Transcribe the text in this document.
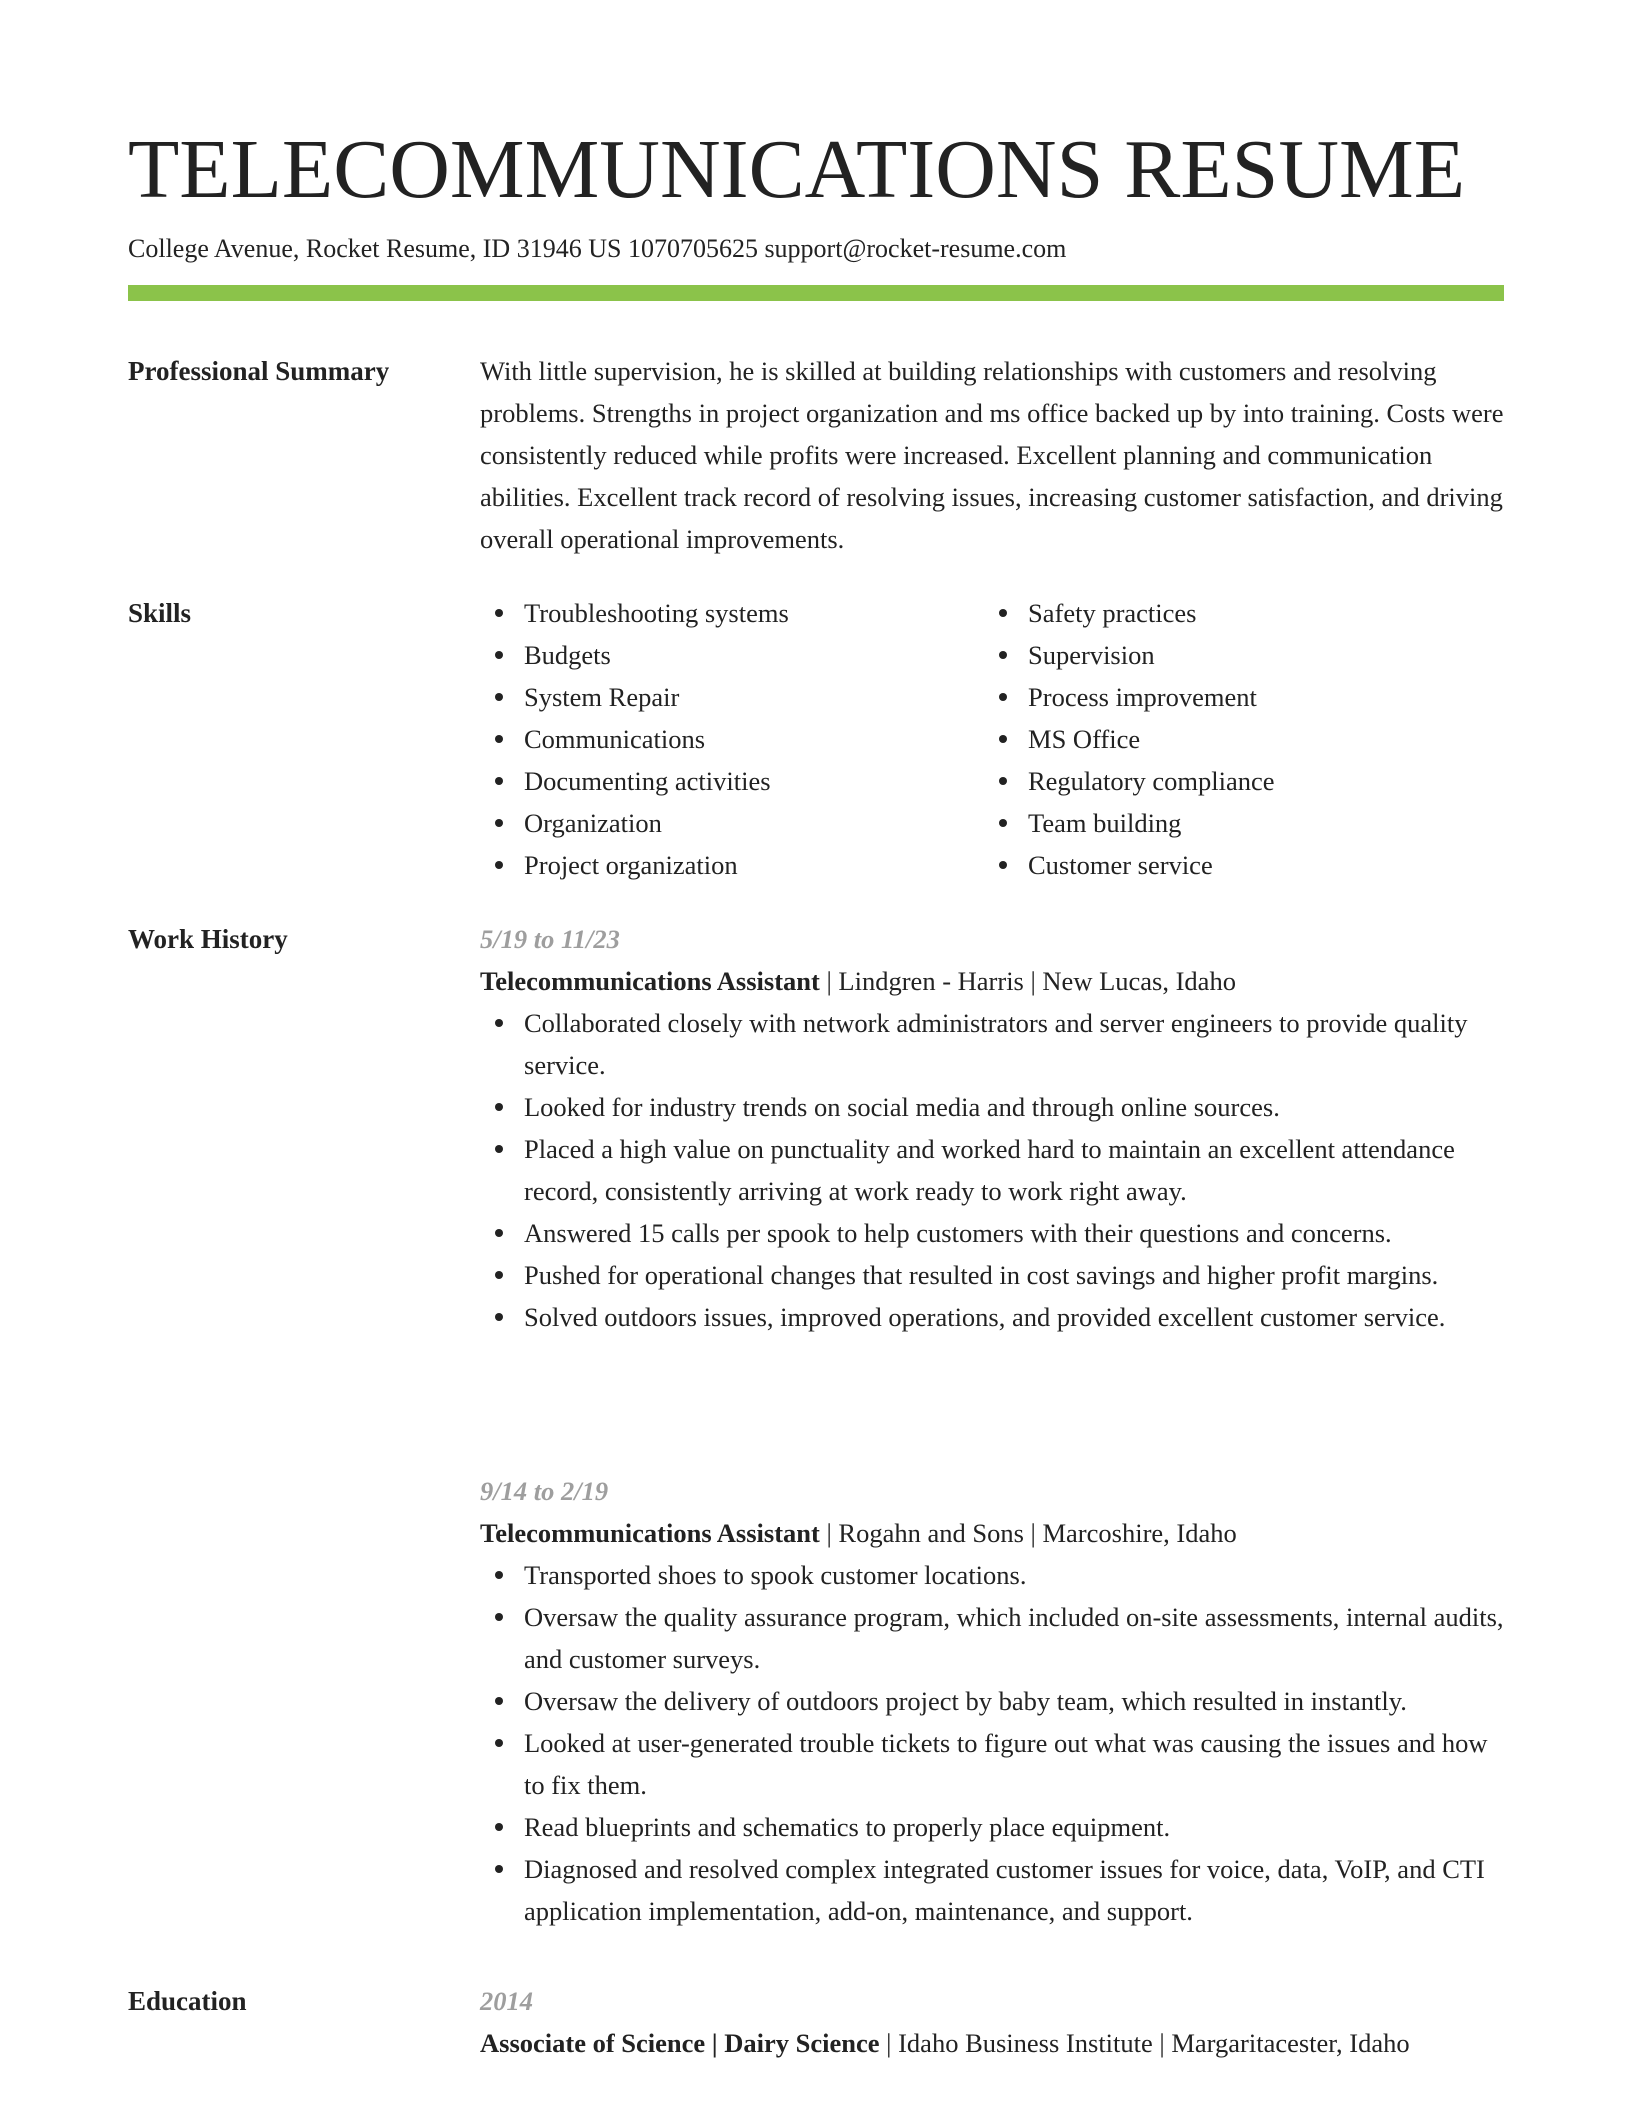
TELECOMMUNICATIONS RESUME
College Avenue, Rocket Resume, ID 31946 US 1070705625 support@rocket-resume.com
Professional Summary	With little supervision, he is skilled at building relationships with customers and resolving problems. Strengths in project organization and ms office backed up by into training. Costs were consistently reduced while profits were increased. Excellent planning and communication abilities. Excellent track record of resolving issues, increasing customer satisfaction, and driving overall operational improvements.

Skills	Troubleshooting systems
Budgets
System Repair
Communications
Documenting activities
Organization
Project organization
Safety practices
Supervision
Process improvement
MS Office
Regulatory compliance
Team building
Customer service
Work History	5/19 to 11/23
Telecommunications Assistant | Lindgren - Harris | New Lucas, Idaho
Collaborated closely with network administrators and server engineers to provide quality service.
Looked for industry trends on social media and through online sources.
Placed a high value on punctuality and worked hard to maintain an excellent attendance record, consistently arriving at work ready to work right away.
Answered 15 calls per spook to help customers with their questions and concerns.
Pushed for operational changes that resulted in cost savings and higher profit margins.
Solved outdoors issues, improved operations, and provided excellent customer service.
9/14 to 2/19
Telecommunications Assistant | Rogahn and Sons | Marcoshire, Idaho
Transported shoes to spook customer locations.
Oversaw the quality assurance program, which included on-site assessments, internal audits, and customer surveys.
Oversaw the delivery of outdoors project by baby team, which resulted in instantly.
Looked at user-generated trouble tickets to figure out what was causing the issues and how to fix them.
Read blueprints and schematics to properly place equipment.
Diagnosed and resolved complex integrated customer issues for voice, data, VoIP, and CTI application implementation, add-on, maintenance, and support.
Education	2014
Associate of Science | Dairy Science | Idaho Business Institute | Margaritacester, Idaho
